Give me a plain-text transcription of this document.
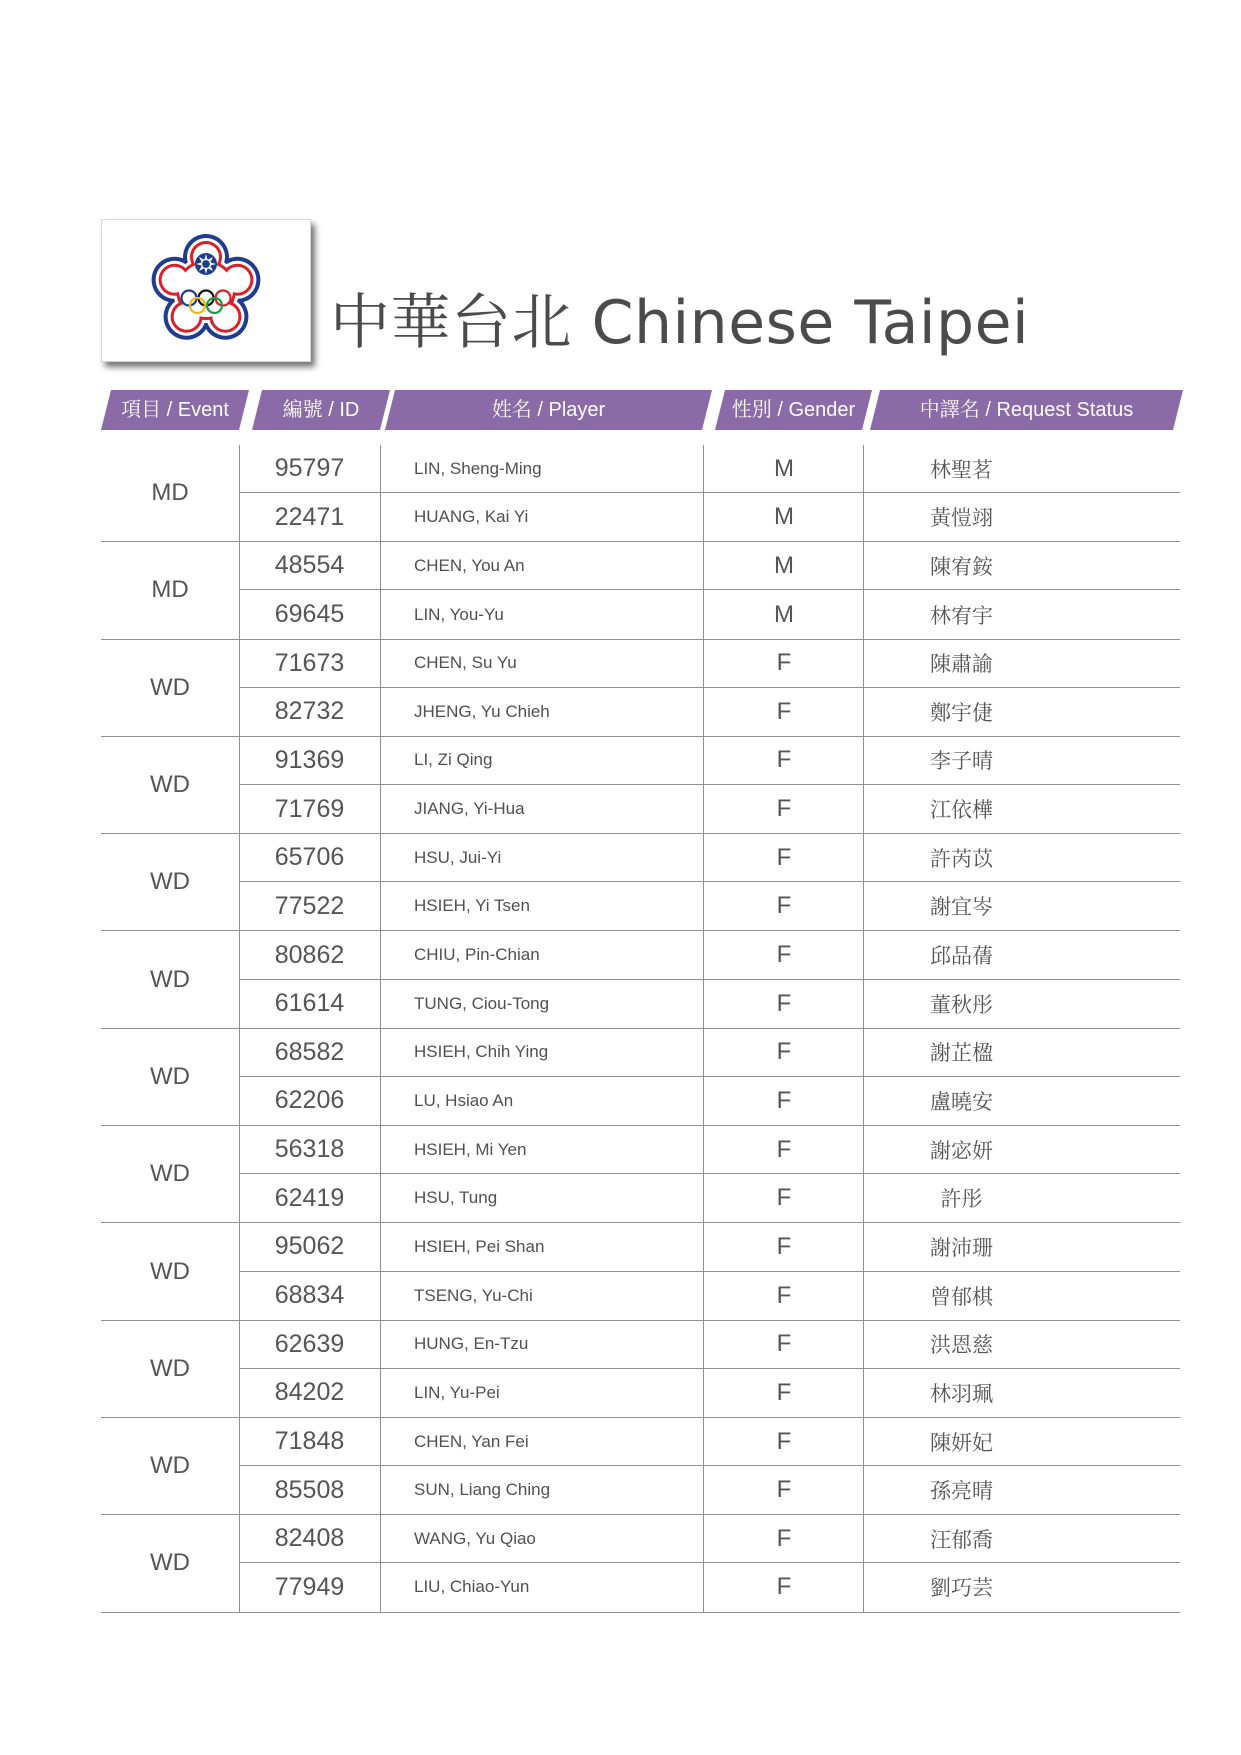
中華台北 Chinese Taipei
項目 / Event	編號 / ID	姓名 / Player	性別 / Gender	中譯名 / Request Status
MD
95797	LIN, Sheng-Ming	M	林聖茗
22471	HUANG, Kai Yi	M	黃愷翊
MD
48554	CHEN, You An	M	陳宥銨
69645	LIN, You-Yu	M	林宥宇
WD
71673	CHEN, Su Yu	F	陳肅諭
82732	JHENG, Yu Chieh	F	鄭宇倢
WD
91369	LI, Zi Qing	F	李子晴
71769	JIANG, Yi-Hua	F	江依樺
WD
65706	HSU, Jui-Yi	F	許芮苡
77522	HSIEH, Yi Tsen	F	謝宜岑
WD
80862	CHIU, Pin-Chian	F	邱品蒨
61614	TUNG, Ciou-Tong	F	董秋彤
WD
68582	HSIEH, Chih Ying	F	謝芷楹
62206	LU, Hsiao An	F	盧曉安
WD
56318	HSIEH, Mi Yen	F	謝宓妍
62419	HSU, Tung	F	許彤
WD
95062	HSIEH, Pei Shan	F	謝沛珊
68834	TSENG, Yu-Chi	F	曾郁棋
WD
62639	HUNG, En-Tzu	F	洪恩慈
84202	LIN, Yu-Pei	F	林羽珮
WD
71848	CHEN, Yan Fei	F	陳妍妃
85508	SUN, Liang Ching	F	孫亮晴
WD
82408	WANG, Yu Qiao	F	汪郁喬
77949	LIU, Chiao-Yun	F	劉巧芸
